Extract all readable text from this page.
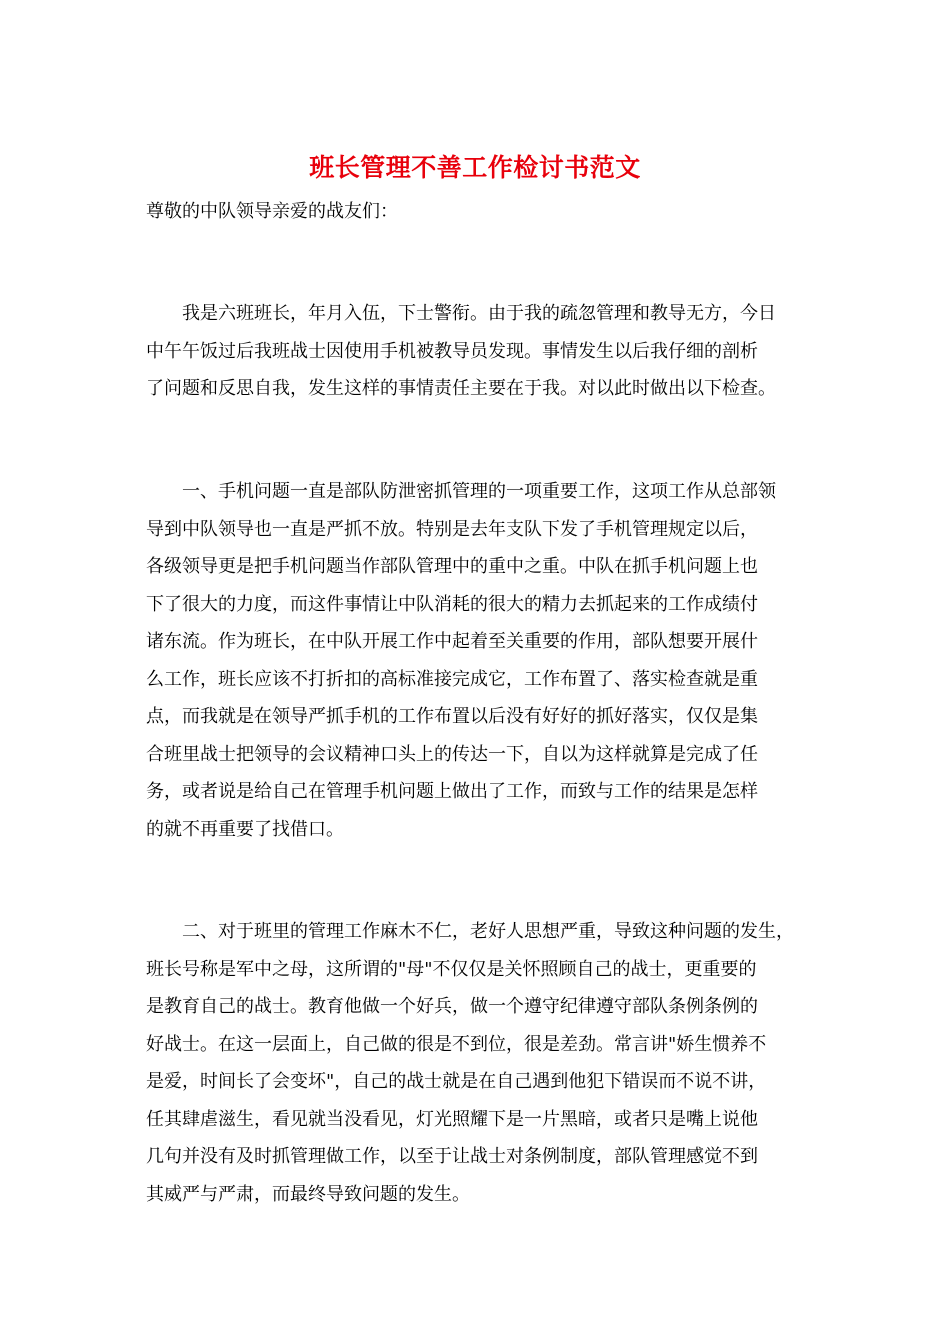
班长管理不善工作检讨书范文

尊敬的中队领导亲爱的战友们：

　　我是六班班长，年月入伍，下士警衔。由于我的疏忽管理和教导无方，今日
中午午饭过后我班战士因使用手机被教导员发现。事情发生以后我仔细的剖析
了问题和反思自我，发生这样的事情责任主要在于我。对以此时做出以下检查。
　　一、手机问题一直是部队防泄密抓管理的一项重要工作，这项工作从总部领
导到中队领导也一直是严抓不放。特别是去年支队下发了手机管理规定以后，
各级领导更是把手机问题当作部队管理中的重中之重。中队在抓手机问题上也
下了很大的力度，而这件事情让中队消耗的很大的精力去抓起来的工作成绩付
诸东流。作为班长，在中队开展工作中起着至关重要的作用，部队想要开展什
么工作，班长应该不打折扣的高标准接完成它，工作布置了、落实检查就是重
点，而我就是在领导严抓手机的工作布置以后没有好好的抓好落实，仅仅是集
合班里战士把领导的会议精神口头上的传达一下，自以为这样就算是完成了任
务，或者说是给自己在管理手机问题上做出了工作，而致与工作的结果是怎样
的就不再重要了找借口。
　　二、对于班里的管理工作麻木不仁，老好人思想严重，导致这种问题的发生，
班长号称是军中之母，这所谓的"母"不仅仅是关怀照顾自己的战士，更重要的
是教育自己的战士。教育他做一个好兵，做一个遵守纪律遵守部队条例条例的
好战士。在这一层面上，自己做的很是不到位，很是差劲。常言讲"娇生惯养不
是爱，时间长了会变坏"，自己的战士就是在自己遇到他犯下错误而不说不讲，
任其肆虐滋生，看见就当没看见，灯光照耀下是一片黑暗，或者只是嘴上说他
几句并没有及时抓管理做工作，以至于让战士对条例制度，部队管理感觉不到
其威严与严肃，而最终导致问题的发生。
